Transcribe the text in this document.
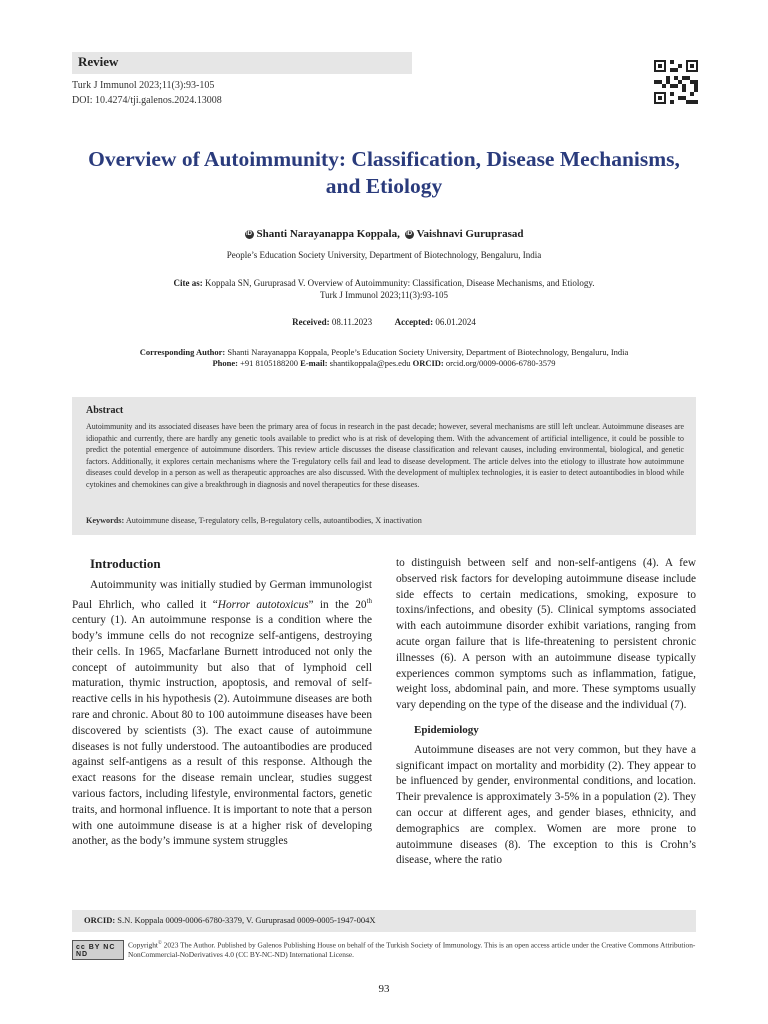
Review
Turk J Immunol 2023;11(3):93-105
DOI: 10.4274/tji.galenos.2024.13008
Overview of Autoimmunity: Classification, Disease Mechanisms,
and Etiology
iD Shanti Narayanappa Koppala, iD Vaishnavi Guruprasad
People’s Education Society University, Department of Biotechnology, Bengaluru, India
Cite as: Koppala SN, Guruprasad V. Overview of Autoimmunity: Classification, Disease Mechanisms, and Etiology.
Turk J Immunol 2023;11(3):93-105
Received: 08.11.2023	Accepted: 06.01.2024
Corresponding Author: Shanti Narayanappa Koppala, People’s Education Society University, Department of Biotechnology, Bengaluru, India
Phone: +91 8105188200 E-mail: shantikoppala@pes.edu ORCID: orcid.org/0009-0006-6780-3579
Abstract
Autoimmunity and its associated diseases have been the primary area of focus in research in the past decade; however, several mechanisms are still left unclear. Autoimmune diseases are idiopathic and currently, there are hardly any genetic tools available to predict who is at risk of developing them. With the advancement of artificial intelligence, it could be possible to predict the potential emergence of autoimmune disorders. This review article discusses the disease classification and relevant causes, including environmental, biological, and genetic factors. Additionally, it explores certain mechanisms where the T-regulatory cells fail and lead to disease development. The article delves into the etiology to illustrate how autoimmune diseases could develop in a person as well as therapeutic approaches are also discussed. With the development of multiplex technologies, it is easier to detect autoantibodies in blood while cytokines and chemokines can give a breakthrough in diagnosis and novel therapeutics for these diseases.
Keywords: Autoimmune disease, T-regulatory cells, B-regulatory cells, autoantibodies, X inactivation
Introduction

Autoimmunity was initially studied by German immunologist Paul Ehrlich, who called it “Horror autotoxicus” in the 20th century (1). An autoimmune response is a condition where the body’s immune cells do not recognize self-antigens, destroying their cells. In 1965, Macfarlane Burnett introduced not only the concept of autoimmunity but also that of lymphoid cell maturation, thymic instruction, apoptosis, and removal of self-reactive cells in his hypothesis (2). Autoimmune diseases are both rare and chronic. About 80 to 100 autoimmune diseases have been discovered by scientists (3). The exact cause of autoimmune diseases is not fully understood. The autoantibodies are produced against self-antigens as a result of this response. Although the exact reasons for the disease remain unclear, studies suggest various factors, including lifestyle, environmental factors, genetic traits, and hormonal influence. It is important to note that a person with one autoimmune disease is at a higher risk of developing another, as the body’s immune system struggles

to distinguish between self and non-self-antigens (4). A few observed risk factors for developing autoimmune disease include side effects to certain medications, smoking, exposure to toxins/infections, and obesity (5). Clinical symptoms associated with each autoimmune disorder exhibit variations, ranging from acute organ failure that is life-threatening to persistent chronic illnesses (6). A person with an autoimmune disease typically experiences common symptoms such as inflammation, fatigue, weight loss, abdominal pain, and more. These symptoms usually vary depending on the type of the disease and the individual (7).

Epidemiology

Autoimmune diseases are not very common, but they have a significant impact on mortality and morbidity (2). They appear to be influenced by gender, environmental conditions, and location. Their prevalence is approximately 3-5% in a population (2). They can occur at different ages, and gender biases, ethnicity, and demographics are complex. Women are more prone to autoimmune diseases (8). The exception to this is Crohn’s disease, where the ratio

ORCID: S.N. Koppala 0009-0006-6780-3379, V. Guruprasad 0009-0005-1947-004X
cc BY NC ND
Copyright© 2023 The Author. Published by Galenos Publishing House on behalf of the Turkish Society of Immunology. This is an open access article under the Creative Commons Attribution-NonCommercial-NoDerivatives 4.0 (CC BY-NC-ND) International License.
93
